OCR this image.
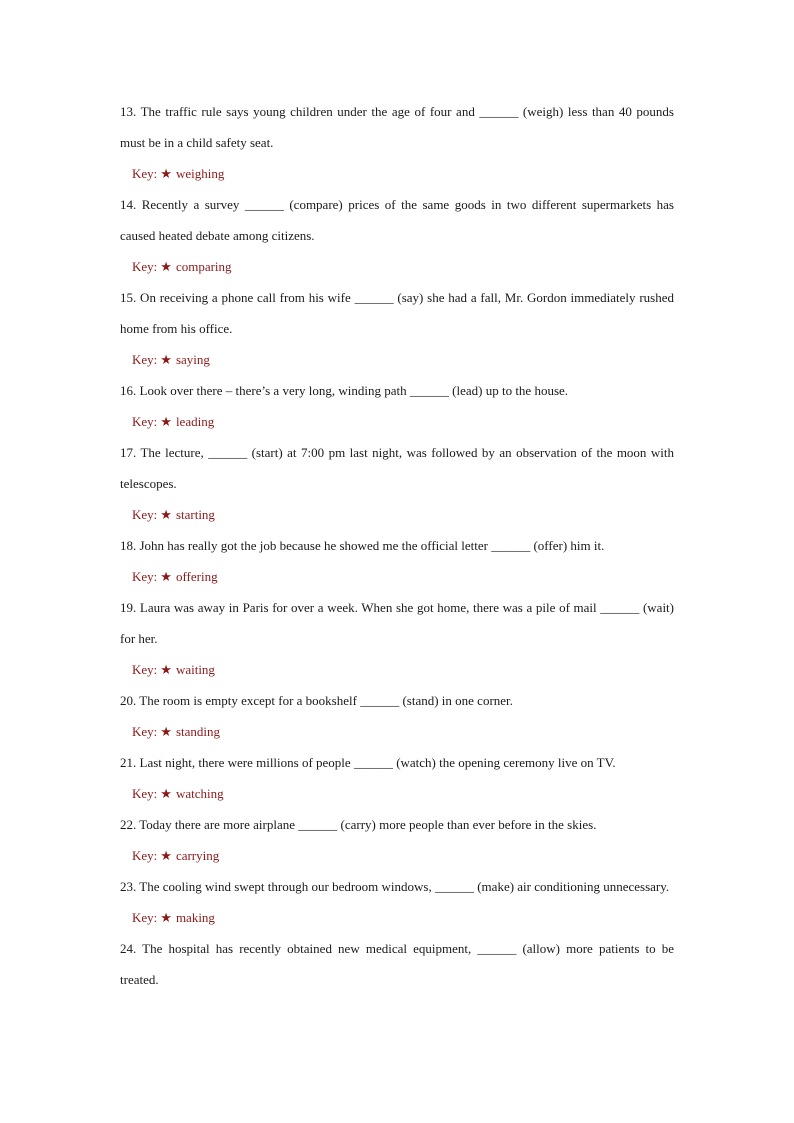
13. The traffic rule says young children under the age of four and ______ (weigh) less than 40 pounds must be in a child safety seat.

Key: ★ weighing

14. Recently a survey ______ (compare) prices of the same goods in two different supermarkets has caused heated debate among citizens.

Key: ★ comparing

15. On receiving a phone call from his wife ______ (say) she had a fall, Mr. Gordon immediately rushed home from his office.

Key: ★ saying

16. Look over there – there’s a very long, winding path ______ (lead) up to the house.

Key: ★ leading

17. The lecture, ______ (start) at 7:00 pm last night, was followed by an observation of the moon with telescopes.

Key: ★ starting

18. John has really got the job because he showed me the official letter ______ (offer) him it.

Key: ★ offering

19. Laura was away in Paris for over a week. When she got home, there was a pile of mail ______ (wait) for her.

Key: ★ waiting

20. The room is empty except for a bookshelf ______ (stand) in one corner.

Key: ★ standing

21. Last night, there were millions of people ______ (watch) the opening ceremony live on TV.

Key: ★ watching

22. Today there are more airplane ______ (carry) more people than ever before in the skies.

Key: ★ carrying

23. The cooling wind swept through our bedroom windows, ______ (make) air conditioning unnecessary.

Key: ★ making

24. The hospital has recently obtained new medical equipment, ______ (allow) more patients to be treated.
